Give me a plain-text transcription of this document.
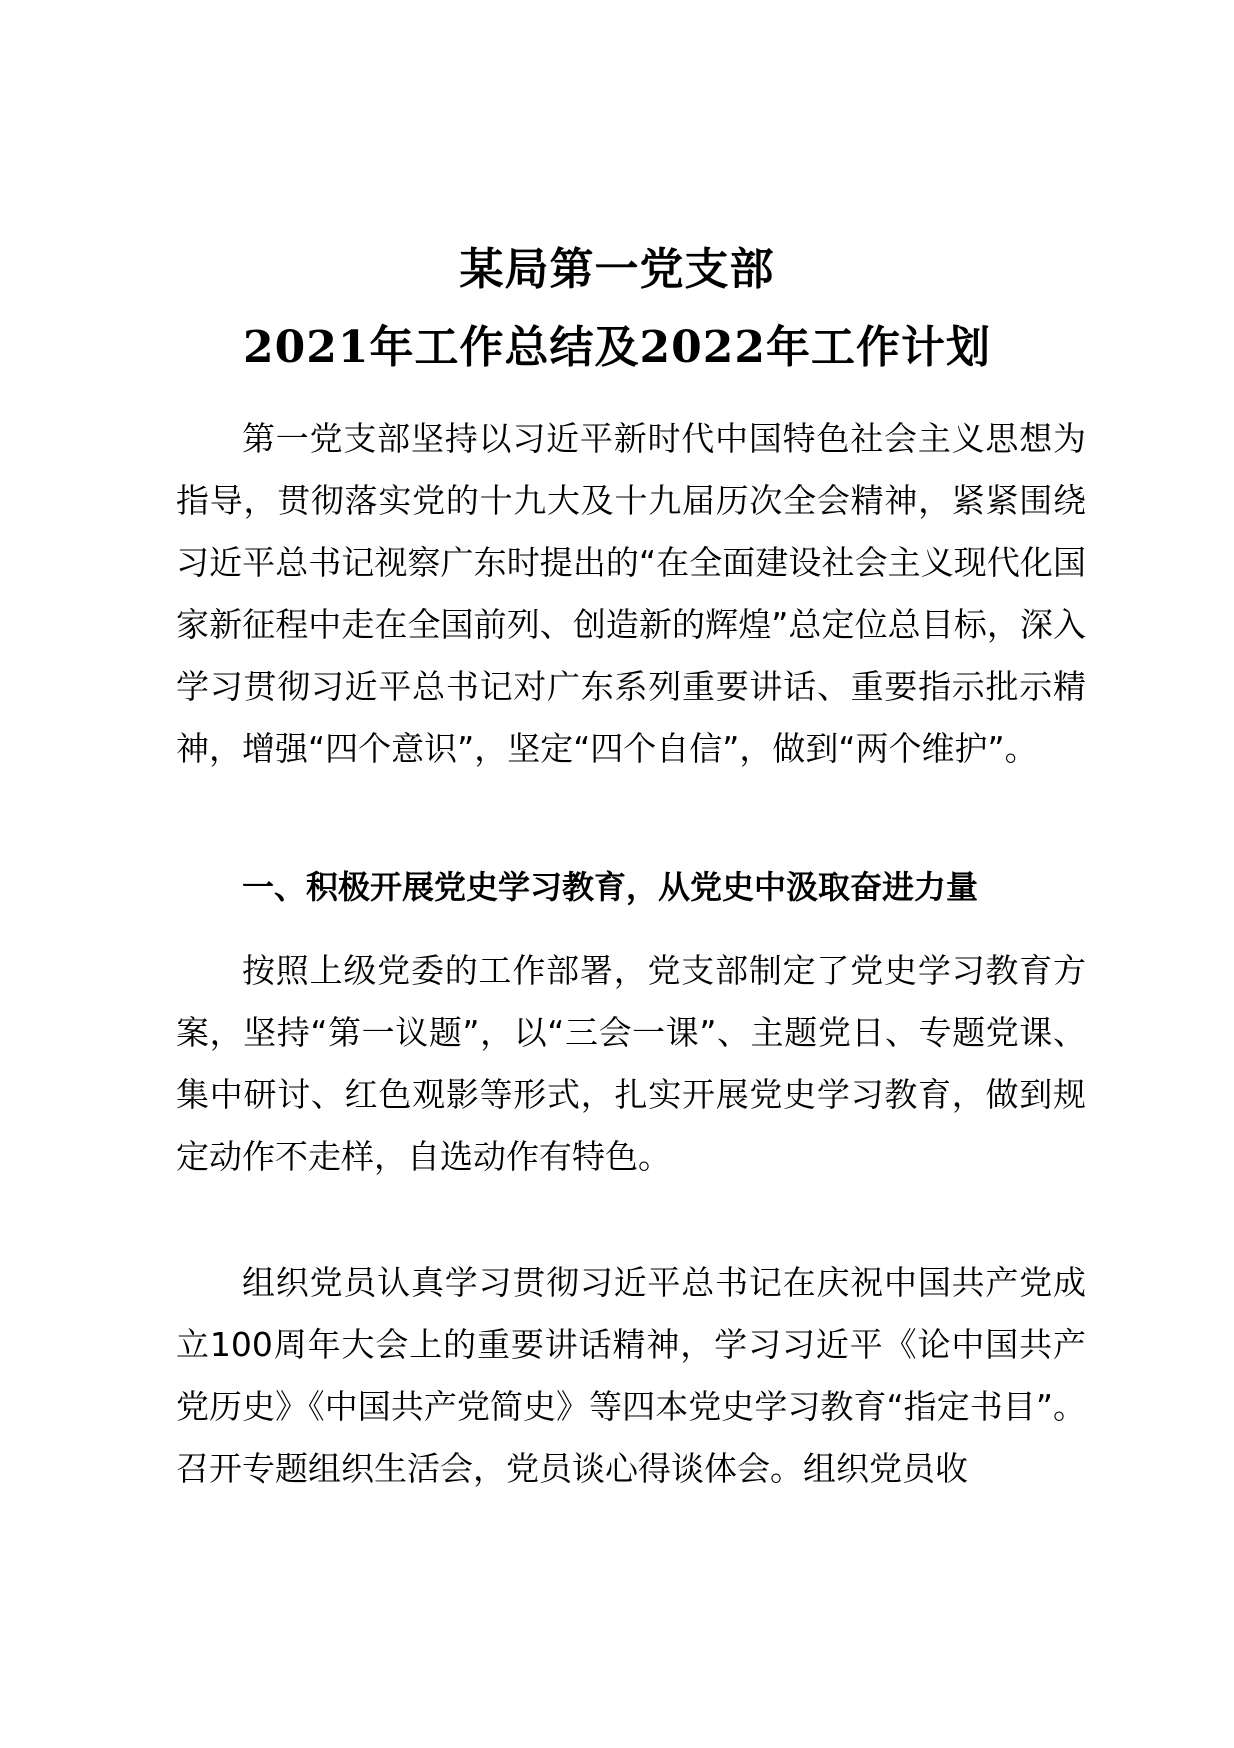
某局第一党支部
2021年工作总结及2022年工作计划

第一党支部坚持以习近平新时代中国特色社会主义思想为指导，贯彻落实党的十九大及十九届历次全会精神，紧紧围绕习近平总书记视察广东时提出的“在全面建设社会主义现代化国家新征程中走在全国前列、创造新的辉煌”总定位总目标，深入学习贯彻习近平总书记对广东系列重要讲话、重要指示批示精神，增强“四个意识”，坚定“四个自信”，做到“两个维护”。

一、积极开展党史学习教育，从党史中汲取奋进力量

按照上级党委的工作部署，党支部制定了党史学习教育方案，坚持“第一议题”，以“三会一课”、主题党日、专题党课、集中研讨、红色观影等形式，扎实开展党史学习教育，做到规定动作不走样，自选动作有特色。

组织党员认真学习贯彻习近平总书记在庆祝中国共产党成立100周年大会上的重要讲话精神，学习习近平《论中国共产党历史》《中国共产党简史》等四本党史学习教育“指定书目”。召开专题组织生活会，党员谈心得谈体会。组织党员收
